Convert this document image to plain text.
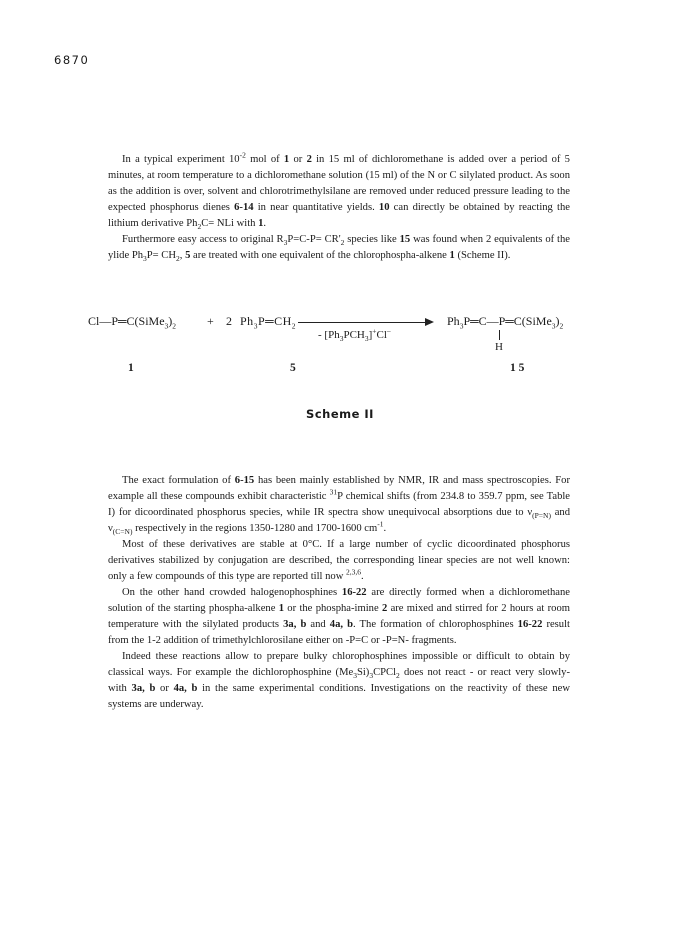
6870

In a typical experiment $10^{-2}$ mol of 1 or 2 in 15 ml of dichloromethane is added over a period of 5 minutes, at room temperature to a dichloromethane solution (15 ml) of the N or C silylated product. As soon as the addition is over, solvent and chlorotrimethylsilane are removed under reduced pressure leading to the expected phosphorus dienes 6-14 in near quantitative yields. 10 can directly be obtained by reacting the lithium derivative $Ph_2C=$ NLi with 1.

Furthermore easy access to original $R_3P=C-P= CR'_2$ species like 15 was found when 2 equivalents of the ylide $Ph_3P= CH_2$, 5 are treated with one equivalent of the chlorophospha-alkene 1 (Scheme II).

$Cl—P═C(SiMe_3)_2$	+ 2 $Ph_3P═CH_2$
- $[Ph_3PCH_3]^+Cl^-$
$Ph_3P═C—P═C(SiMe_3)_2$
H
1	5	1 5
Scheme II

The exact formulation of 6-15 has been mainly established by NMR, IR and mass spectroscopies. For example all these compounds exhibit characteristic $^{31}$P chemical shifts (from 234.8 to 359.7 ppm, see Table I) for dicoordinated phosphorus species, while IR spectra show unequivocal absorptions due to $\nu_{(P=N)}$ and $\nu_{(C=N)}$ respectively in the regions 1350-1280 and 1700-1600 $cm^{-1}$.

Most of these derivatives are stable at 0°C. If a large number of cyclic dicoordinated phosphorus derivatives stabilized by conjugation are described, the corresponding linear species are not well known: only a few compounds of this type are reported till now $^{2,3,6}$.

On the other hand crowded halogenophosphines 16-22 are directly formed when a dichloromethane solution of the starting phospha-alkene 1 or the phospha-imine 2 are mixed and stirred for 2 hours at room temperature with the silylated products 3a, b and 4a, b. The formation of chlorophosphines 16-22 result from the 1-2 addition of trimethylchlorosilane either on -P=C or -P=N- fragments.

Indeed these reactions allow to prepare bulky chlorophosphines impossible or difficult to obtain by classical ways. For example the dichlorophosphine $(Me_3Si)_3CPCl_2$ does not react - or react very slowly- with 3a, b or 4a, b in the same experimental conditions. Investigations on the reactivity of these new systems are underway.
